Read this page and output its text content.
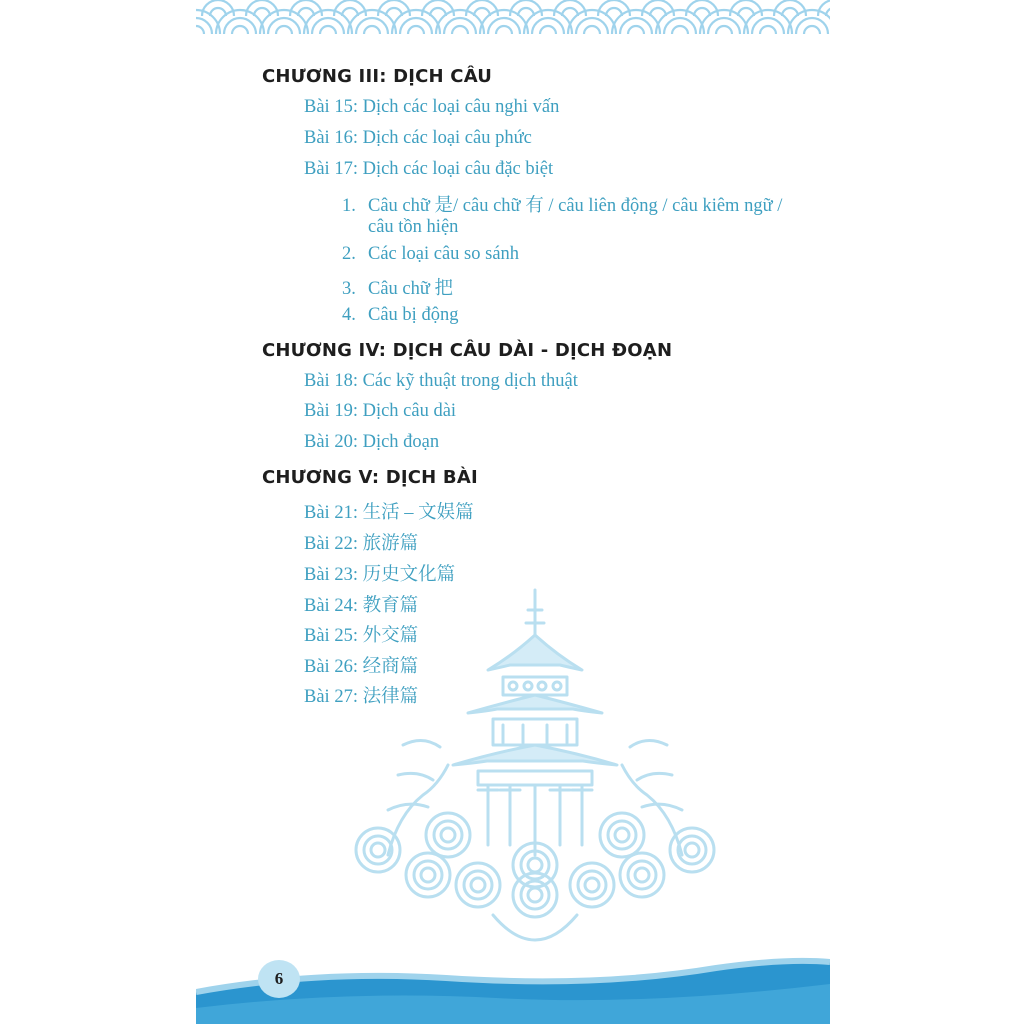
CHƯƠNG III: DỊCH CÂU
Bài 15: Dịch các loại câu nghi vấn
Bài 16: Dịch các loại câu phức
Bài 17: Dịch các loại câu đặc biệt
1. Câu chữ 是/ câu chữ 有 / câu liên động / câu kiêm ngữ /
câu tồn hiện
2. Các loại câu so sánh
3. Câu chữ 把
4. Câu bị động
CHƯƠNG IV: DỊCH CÂU DÀI - DỊCH ĐOẠN
Bài 18: Các kỹ thuật trong dịch thuật
Bài 19: Dịch câu dài
Bài 20: Dịch đoạn
CHƯƠNG V: DỊCH BÀI
Bài 21: 生活 – 文娱篇
Bài 22: 旅游篇
Bài 23: 历史文化篇
Bài 24: 教育篇
Bài 25: 外交篇
Bài 26: 经商篇
Bài 27: 法律篇
6
